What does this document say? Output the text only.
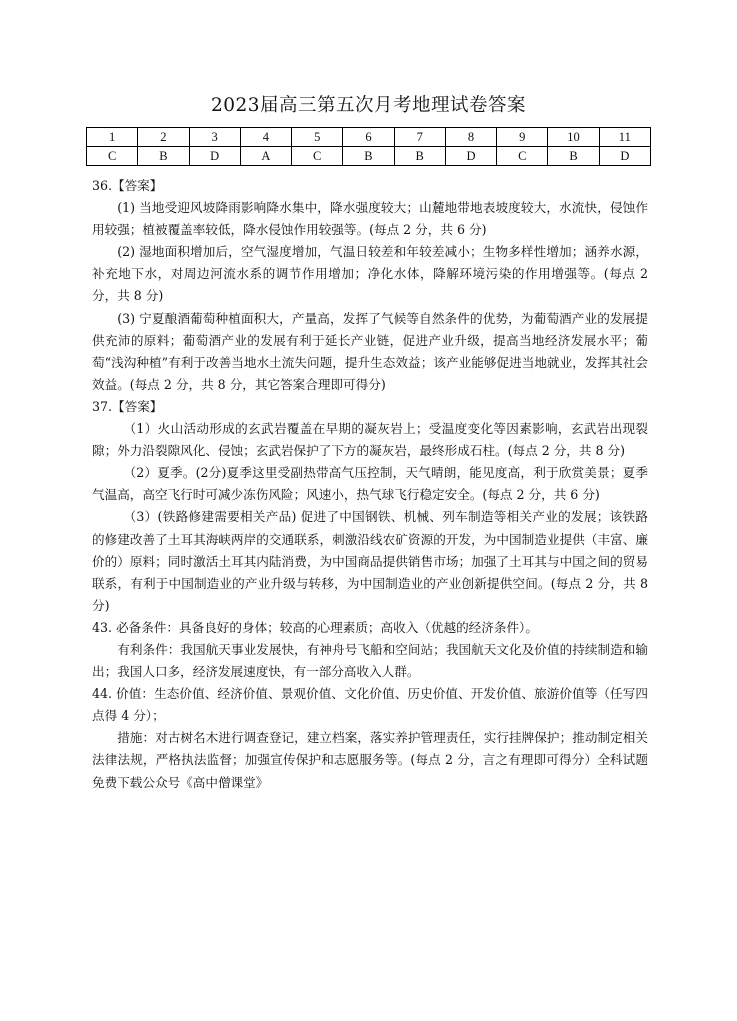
2023届高三第五次月考地理试卷答案
1	2	3	4	5	6	7	8	9	10	11
C	B	D	A	C	B	B	D	C	B	D

36.【答案】

(1) 当地受迎风坡降雨影响降水集中，降水强度较大；山麓地带地表坡度较大，水流快，侵蚀作用较强；植被覆盖率较低，降水侵蚀作用较强等。(每点 2 分，共 6 分)

(2) 湿地面积增加后，空气湿度增加，气温日较差和年较差减小；生物多样性增加；涵养水源，补充地下水，对周边河流水系的调节作用增加；净化水体，降解环境污染的作用增强等。(每点 2 分，共 8 分)

(3) 宁夏酿酒葡萄种植面积大，产量高，发挥了气候等自然条件的优势，为葡萄酒产业的发展提供充沛的原料；葡萄酒产业的发展有利于延长产业链，促进产业升级，提高当地经济发展水平；葡萄“浅沟种植”有利于改善当地水土流失问题，提升生态效益；该产业能够促进当地就业，发挥其社会效益。(每点 2 分，共 8 分，其它答案合理即可得分)

37.【答案】

（1）火山活动形成的玄武岩覆盖在早期的凝灰岩上；受温度变化等因素影响，玄武岩出现裂隙；外力沿裂隙风化、侵蚀；玄武岩保护了下方的凝灰岩，最终形成石柱。(每点 2 分，共 8 分)

（2）夏季。(2分)夏季这里受副热带高气压控制，天气晴朗，能见度高，利于欣赏美景；夏季气温高，高空飞行时可减少冻伤风险；风速小，热气球飞行稳定安全。(每点 2 分，共 6 分)

（3）(铁路修建需要相关产品) 促进了中国钢铁、机械、列车制造等相关产业的发展；该铁路的修建改善了土耳其海峡两岸的交通联系，刺激沿线农矿资源的开发，为中国制造业提供（丰富、廉价的）原料；同时激活土耳其内陆消费，为中国商品提供销售市场；加强了土耳其与中国之间的贸易联系，有利于中国制造业的产业升级与转移，为中国制造业的产业创新提供空间。(每点 2 分，共 8 分)

43. 必备条件：具备良好的身体；较高的心理素质；高收入（优越的经济条件）。

有利条件：我国航天事业发展快，有神舟号飞船和空间站；我国航天文化及价值的持续制造和输出；我国人口多，经济发展速度快，有一部分高收入人群。

44. 价值：生态价值、经济价值、景观价值、文化价值、历史价值、开发价值、旅游价值等（任写四点得 4 分）；

措施：对古树名木进行调查登记，建立档案，落实养护管理责任，实行挂牌保护；推动制定相关法律法规，严格执法监督；加强宣传保护和志愿服务等。(每点 2 分，言之有理即可得分）全科试题免费下载公众号《高中僧课堂》
